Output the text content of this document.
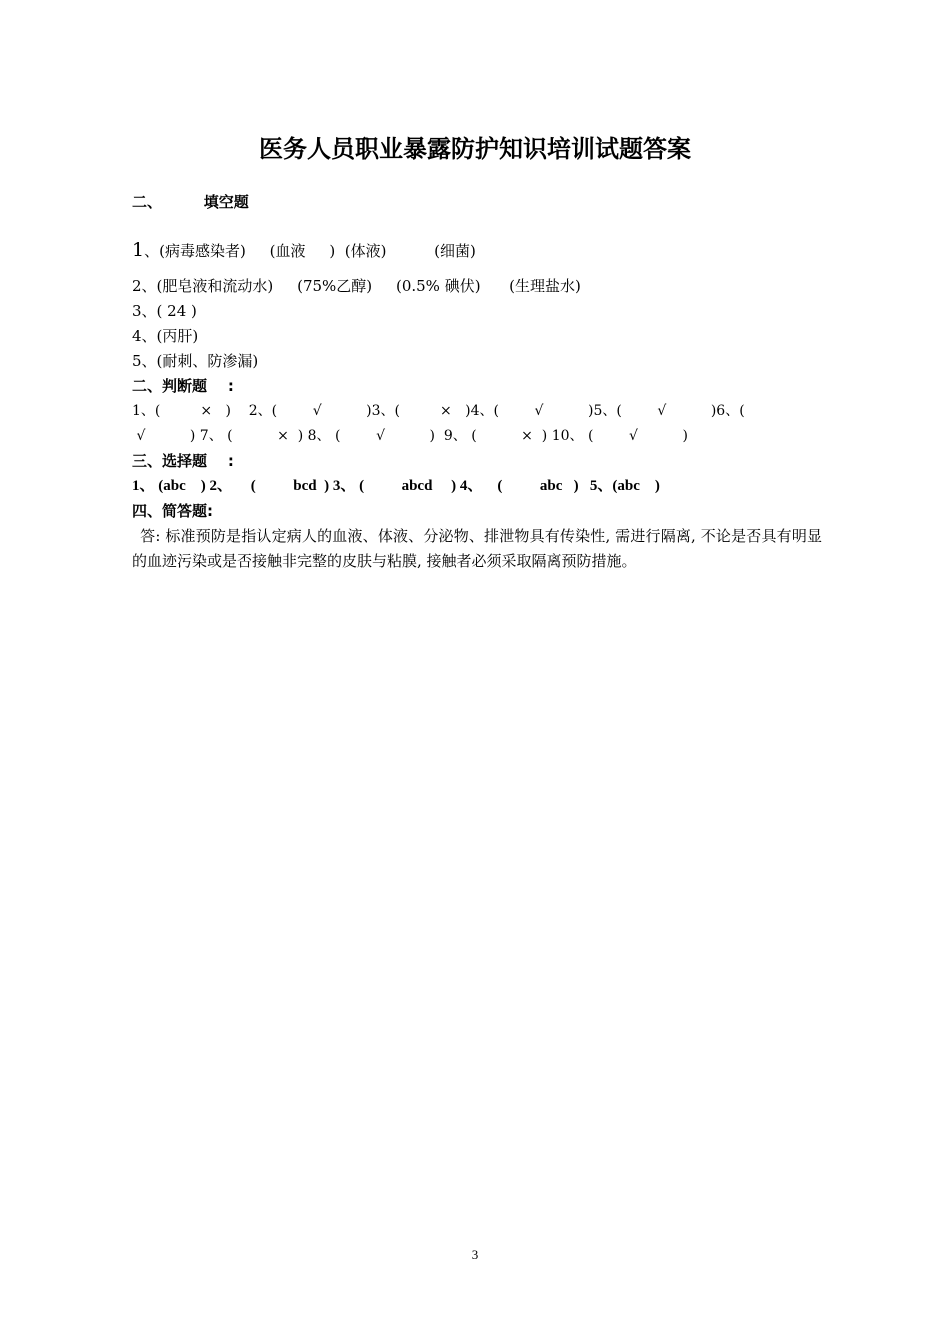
医务人员职业暴露防护知识培训试题答案
二、        填空题
1、(病毒感染者)     (血液     )  (体液)          (细菌)
2、(肥皂液和流动水)     (75%乙醇)     (0.5% 碘伏)      (生理盐水)
3、( 24 )
4、(丙肝)
5、(耐刺、防渗漏)
二、判断题    :
1、(         ×   )    2、(        √          )3、(         ×   )4、(        √          )5、(        √          )6、(
√          ) 7、 (          ×  ) 8、 (        √          )  9、 (          ×  ) 10、 (        √          )
三、选择题    :
1、 (abc    ) 2、     (          bcd  ) 3、 (          abcd     ) 4、    (          abc   )   5、(abc    )
四、简答题:
答: 标准预防是指认定病人的血液、体液、分泌物、排泄物具有传染性, 需进行隔离, 不论是否具有明显的血迹污染或是否接触非完整的皮肤与粘膜, 接触者必须采取隔离预防措施。
3
